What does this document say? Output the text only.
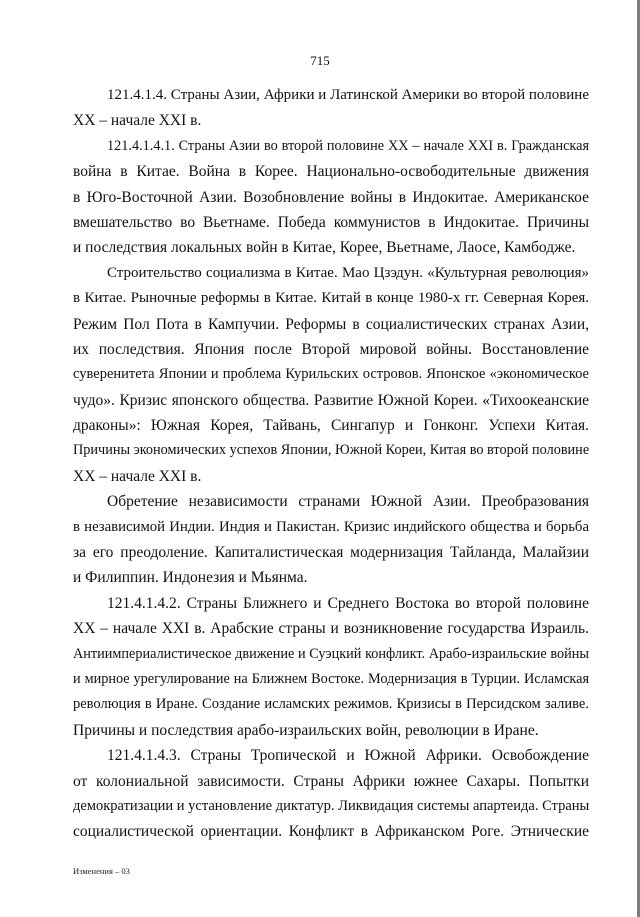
715
121.4.1.4. Страны Азии, Африки и Латинской Америки во второй половине
XX – начале XXI в.
121.4.1.4.1. Страны Азии во второй половине XX – начале XXI в. Гражданская
война в Китае. Война в Корее. Национально-освободительные движения
в Юго-Восточной Азии. Возобновление войны в Индокитае. Американское
вмешательство во Вьетнаме. Победа коммунистов в Индокитае. Причины
и последствия локальных войн в Китае, Корее, Вьетнаме, Лаосе, Камбодже.
Строительство социализма в Китае. Мао Цзэдун. «Культурная революция»
в Китае. Рыночные реформы в Китае. Китай в конце 1980-х гг. Северная Корея.
Режим Пол Пота в Кампучии. Реформы в социалистических странах Азии,
их последствия. Япония после Второй мировой войны. Восстановление
суверенитета Японии и проблема Курильских островов. Японское «экономическое
чудо». Кризис японского общества. Развитие Южной Кореи. «Тихоокеанские
драконы»: Южная Корея, Тайвань, Сингапур и Гонконг. Успехи Китая.
Причины экономических успехов Японии, Южной Кореи, Китая во второй половине
XX – начале XXI в.
Обретение независимости странами Южной Азии. Преобразования
в независимой Индии. Индия и Пакистан. Кризис индийского общества и борьба
за его преодоление. Капиталистическая модернизация Тайланда, Малайзии
и Филиппин. Индонезия и Мьянма.
121.4.1.4.2. Страны Ближнего и Среднего Востока во второй половине
XX – начале XXI в. Арабские страны и возникновение государства Израиль.
Антиимпериалистическое движение и Суэцкий конфликт. Арабо-израильские войны
и мирное урегулирование на Ближнем Востоке. Модернизация в Турции. Исламская
революция в Иране. Создание исламских режимов. Кризисы в Персидском заливе.
Причины и последствия арабо-израильских войн, революции в Иране.
121.4.1.4.3. Страны Тропической и Южной Африки. Освобождение
от колониальной зависимости. Страны Африки южнее Сахары. Попытки
демократизации и установление диктатур. Ликвидация системы апартеида. Страны
социалистической ориентации. Конфликт в Африканском Роге. Этнические
Изменения – 03
